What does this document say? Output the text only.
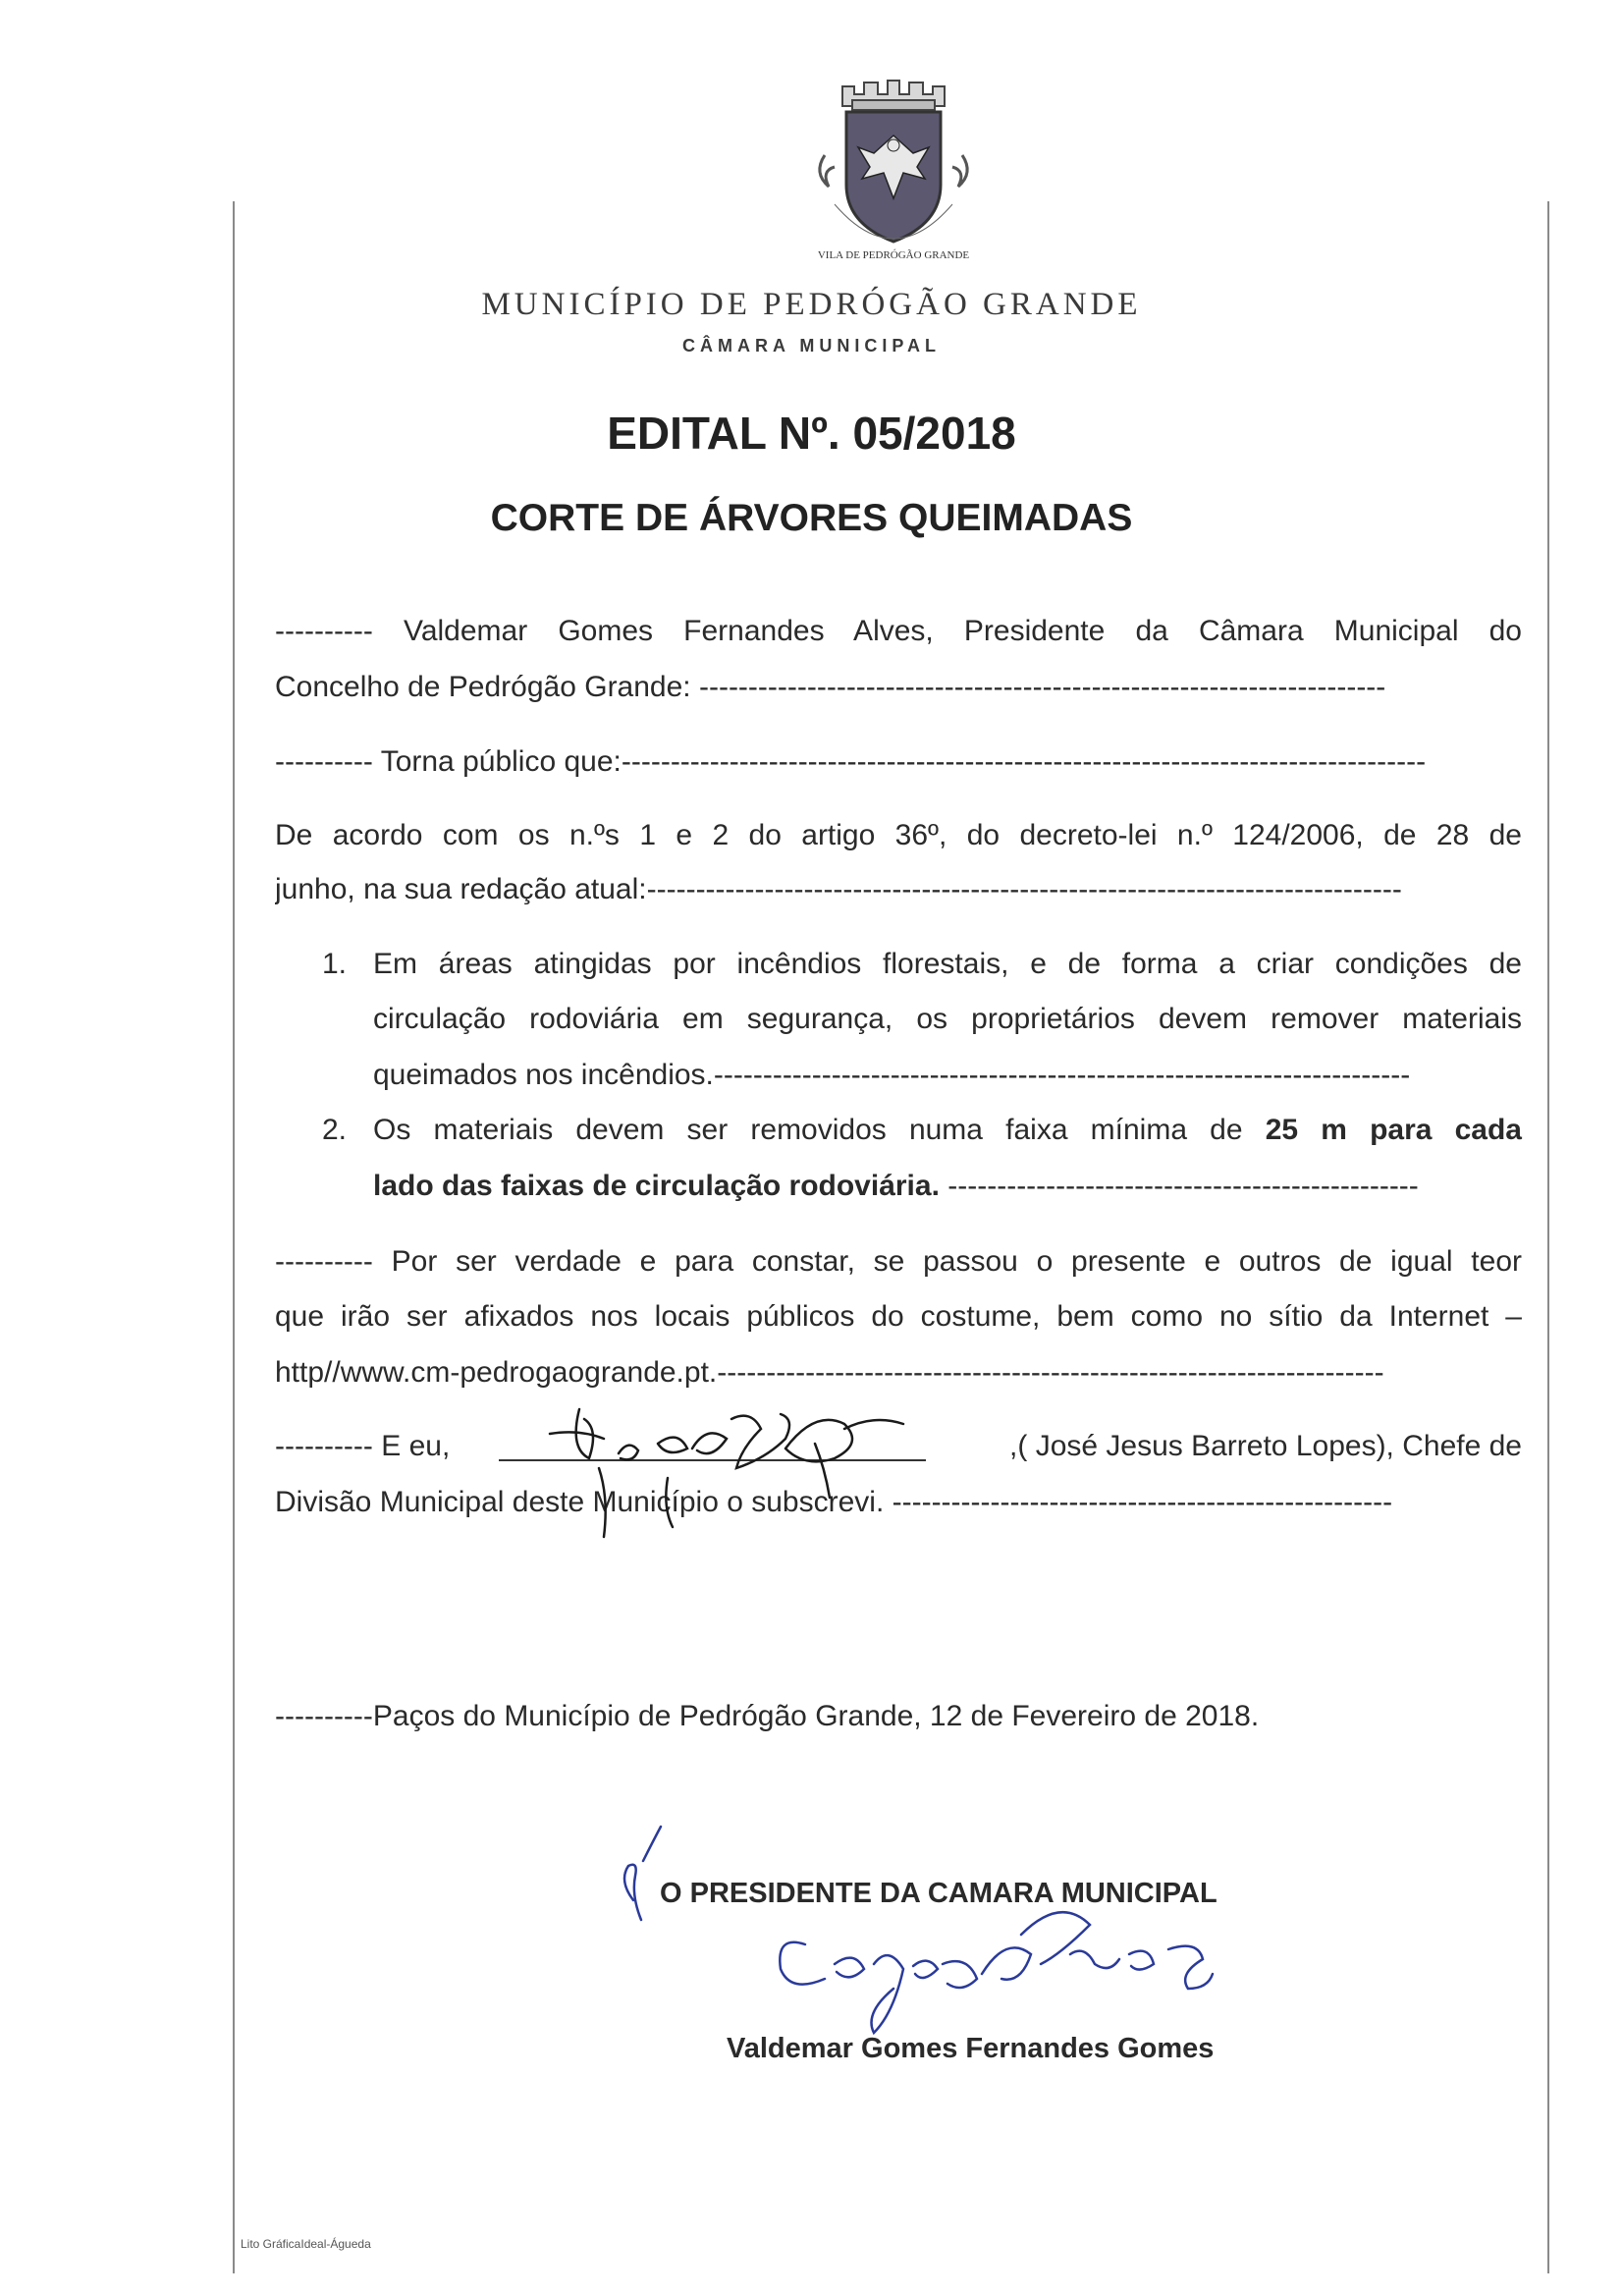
VILA DE PEDRÓGÃO GRANDE
MUNICÍPIO DE PEDRÓGÃO GRANDE
CÂMARA MUNICIPAL
EDITAL Nº. 05/2018
CORTE DE ÁRVORES QUEIMADAS
---------- Valdemar Gomes Fernandes Alves, Presidente da Câmara Municipal do
Concelho de Pedrógão Grande: ----------------------------------------------------------------------
---------- Torna público que:----------------------------------------------------------------------------------
De acordo com os n.ºs 1 e 2 do artigo 36º, do decreto-lei n.º 124/2006, de 28 de
junho, na sua redação atual:-----------------------------------------------------------------------------
1. Em áreas atingidas por incêndios florestais, e de forma a criar condições de
circulação rodoviária em segurança, os proprietários devem remover materiais
queimados nos incêndios.-----------------------------------------------------------------------
2. Os materiais devem ser removidos numa faixa mínima de 25 m para cada
lado das faixas de circulação rodoviária. ------------------------------------------------
---------- Por ser verdade e para constar, se passou o presente e outros de igual teor
que irão ser afixados nos locais públicos do costume, bem como no sítio da Internet –
http//www.cm-pedrogaogrande.pt.--------------------------------------------------------------------
---------- E eu,	,( José Jesus Barreto Lopes), Chefe de
Divisão Municipal deste Município o subscrevi. ---------------------------------------------------
----------Paços do Município de Pedrógão Grande, 12 de Fevereiro de 2018.
O PRESIDENTE DA CAMARA MUNICIPAL
Valdemar Gomes Fernandes Gomes
Lito GráficaIdeal-Águeda
